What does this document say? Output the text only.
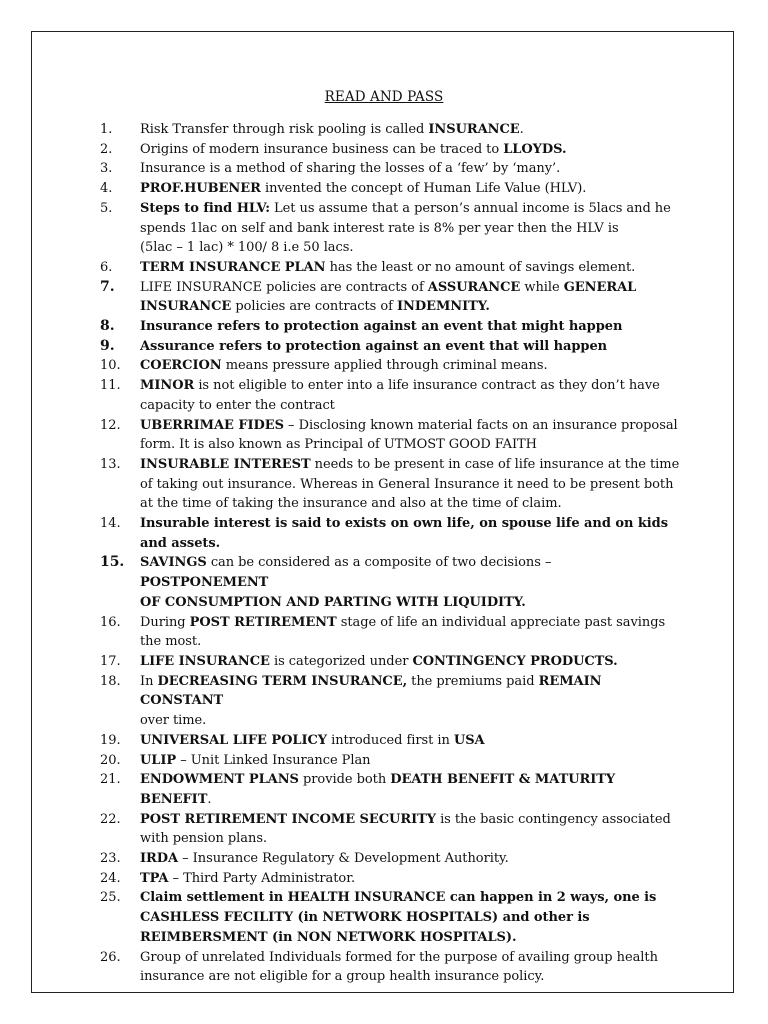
READ AND PASS
1.	Risk Transfer through risk pooling is called INSURANCE.
2.	Origins of modern insurance business can be traced to LLOYDS.
3.	Insurance is a method of sharing the losses of a ‘few’ by ‘many’.
4.	PROF.HUBENER invented the concept of Human Life Value (HLV).
5.	Steps to find HLV: Let us assume that a person’s annual income is 5lacs and he
spends 1lac on self and bank interest rate is 8% per year then the HLV is
(5lac – 1 lac) * 100/ 8 i.e 50 lacs.
6.	TERM INSURANCE PLAN has the least or no amount of savings element.
7.	LIFE INSURANCE policies are contracts of ASSURANCE while GENERAL
INSURANCE policies are contracts of INDEMNITY.
8.	Insurance refers to protection against an event that might happen
9.	Assurance refers to protection against an event that will happen
10.	COERCION means pressure applied through criminal means.
11.	MINOR is not eligible to enter into a life insurance contract as they don’t have
capacity to enter the contract
12.	UBERRIMAE FIDES – Disclosing known material facts on an insurance proposal
form. It is also known as Principal of UTMOST GOOD FAITH
13.	INSURABLE INTEREST needs to be present in case of life insurance at the time
of taking out insurance. Whereas in General Insurance it need to be present both
at the time of taking the insurance and also at the time of claim.
14.	Insurable interest is said to exists on own life, on spouse life and on kids
and assets.
15.	SAVINGS can be considered as a composite of two decisions – POSTPONEMENT
OF CONSUMPTION AND PARTING WITH LIQUIDITY.
16.	During POST RETIREMENT stage of life an individual appreciate past savings
the most.
17.	LIFE INSURANCE is categorized under CONTINGENCY PRODUCTS.
18.	In DECREASING TERM INSURANCE, the premiums paid REMAIN CONSTANT
over time.
19.	UNIVERSAL LIFE POLICY introduced first in USA
20.	ULIP – Unit Linked Insurance Plan
21.	ENDOWMENT PLANS provide both DEATH BENEFIT & MATURITY BENEFIT.
22.	POST RETIREMENT INCOME SECURITY is the basic contingency associated
with pension plans.
23.	IRDA – Insurance Regulatory & Development Authority.
24.	TPA – Third Party Administrator.
25.	Claim settlement in HEALTH INSURANCE can happen in 2 ways, one is
CASHLESS FECILITY (in NETWORK HOSPITALS) and other is
REIMBERSMENT (in NON NETWORK HOSPITALS).
26.	Group of unrelated Individuals formed for the purpose of availing group health
insurance are not eligible for a group health insurance policy.
